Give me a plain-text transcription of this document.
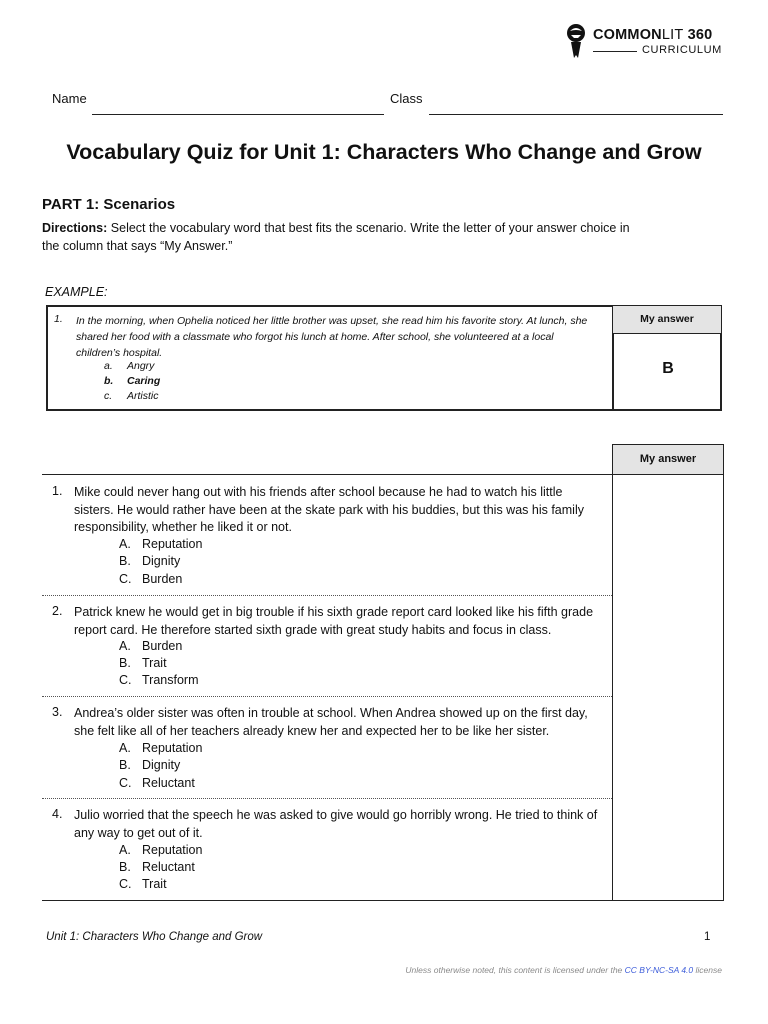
COMMONLIT 360
CURRICULUM
Name	Class
Vocabulary Quiz for Unit 1: Characters Who Change and Grow
PART 1: Scenarios
Directions: Select the vocabulary word that best fits the scenario. Write the letter of your answer choice in the column that says “My Answer.”
EXAMPLE:
My answer
B
1. In the morning, when Ophelia noticed her little brother was upset, she read him his favorite story. At lunch, she shared her food with a classmate who forgot his lunch at home. After school, she volunteered at a local children’s hospital.
a. Angry
b. Caring
c. Artistic
My answer
1. Mike could never hang out with his friends after school because he had to watch his little sisters. He would rather have been at the skate park with his buddies, but this was his family responsibility, whether he liked it or not.
A. Reputation
B. Dignity
C. Burden
2. Patrick knew he would get in big trouble if his sixth grade report card looked like his fifth grade report card. He therefore started sixth grade with great study habits and focus in class.
A. Burden
B. Trait
C. Transform
3. Andrea’s older sister was often in trouble at school. When Andrea showed up on the first day, she felt like all of her teachers already knew her and expected her to be like her sister.
A. Reputation
B. Dignity
C. Reluctant
4. Julio worried that the speech he was asked to give would go horribly wrong. He tried to think of any way to get out of it.
A. Reputation
B. Reluctant
C. Trait
Unit 1: Characters Who Change and Grow	1
Unless otherwise noted, this content is licensed under the CC BY-NC-SA 4.0 license
